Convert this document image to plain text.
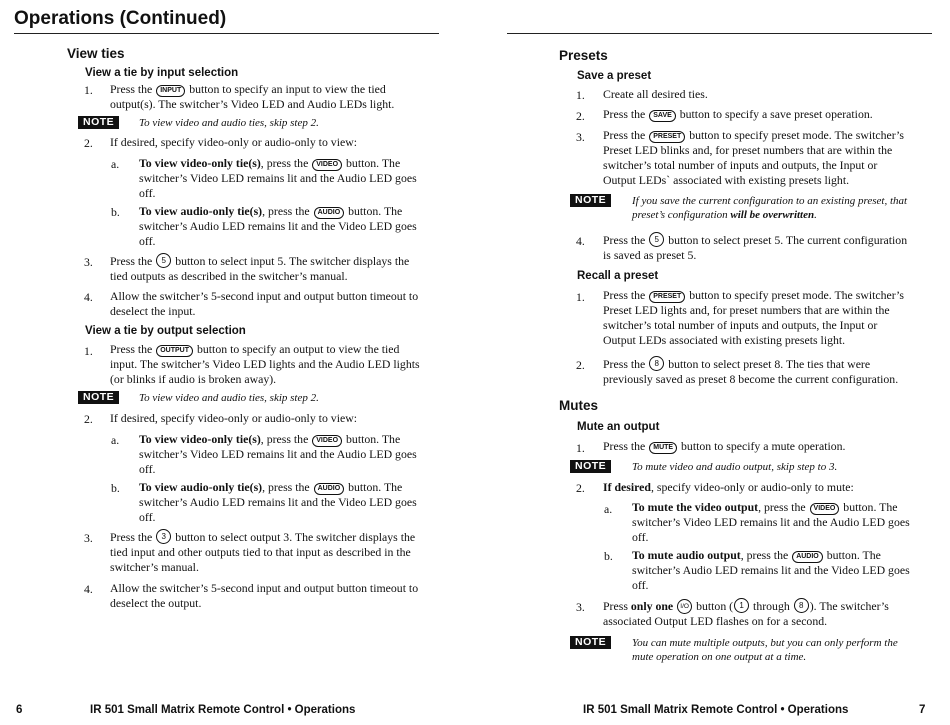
Operations (Continued)
View ties
View a tie by input selection
1. Press the INPUT button to specify an input to view the tied
output(s). The switcher’s Video LED and Audio LEDs light.
NOTE	To view video and audio ties, skip step 2.
2. If desired, specify video-only or audio-only to view:
a. To view video-only tie(s), press the VIDEO button. The
switcher’s Video LED remains lit and the Audio LED goes
off.
b. To view audio-only tie(s), press the AUDIO button. The
switcher’s Audio LED remains lit and the Video LED goes
off.
3. Press the 5 button to select input 5. The switcher displays the
tied outputs as described in the switcher’s manual.
4. Allow the switcher’s 5-second input and output button timeout to
deselect the input.
View a tie by output selection
1. Press the OUTPUT button to specify an output to view the tied
input. The switcher’s Video LED lights and the Audio LED lights
(or blinks if audio is broken away).
NOTE	To view video and audio ties, skip step 2.
2. If desired, specify video-only or audio-only to view:
a. To view video-only tie(s), press the VIDEO button. The
switcher’s Video LED remains lit and the Audio LED goes
off.
b. To view audio-only tie(s), press the AUDIO button. The
switcher’s Audio LED remains lit and the Video LED goes
off.
3. Press the 3 button to select output 3. The switcher displays the
tied input and other outputs tied to that input as described in the
switcher’s manual.
4. Allow the switcher’s 5-second input and output button timeout to
deselect the output.
6	IR 501 Small Matrix Remote Control • Operations
Presets
Save a preset
1. Create all desired ties.
2. Press the SAVE button to specify a save preset operation.
3. Press the PRESET button to specify preset mode. The switcher’s
Preset LED blinks and, for preset numbers that are within the
switcher’s total number of inputs and outputs, the Input or
Output LEDs` associated with existing presets light.
NOTE	If you save the current configuration to an existing preset, that
preset’s configuration will be overwritten.
4. Press the 5 button to select preset 5. The current configuration
is saved as preset 5.
Recall a preset
1. Press the PRESET button to specify preset mode. The switcher’s
Preset LED lights and, for preset numbers that are within the
switcher’s total number of inputs and outputs, the Input or
Output LEDs associated with existing presets light.
2. Press the 8 button to select preset 8. The ties that were
previously saved as preset 8 become the current configuration.
Mutes
Mute an output
1. Press the MUTE button to specify a mute operation.
NOTE	To mute video and audio output, skip step to 3.
2. If desired, specify video-only or audio-only to mute:
a. To mute the video output, press the VIDEO button. The
switcher’s Video LED remains lit and the Audio LED goes
off.
b. To mute audio output, press the AUDIO button. The
switcher’s Audio LED remains lit and the Video LED goes
off.
3. Press only one I/O button ( 1 through 8 ). The switcher’s
associated Output LED flashes on for a second.
NOTE	You can mute multiple outputs, but you can only perform the
mute operation on one output at a time.
IR 501 Small Matrix Remote Control • Operations	7
